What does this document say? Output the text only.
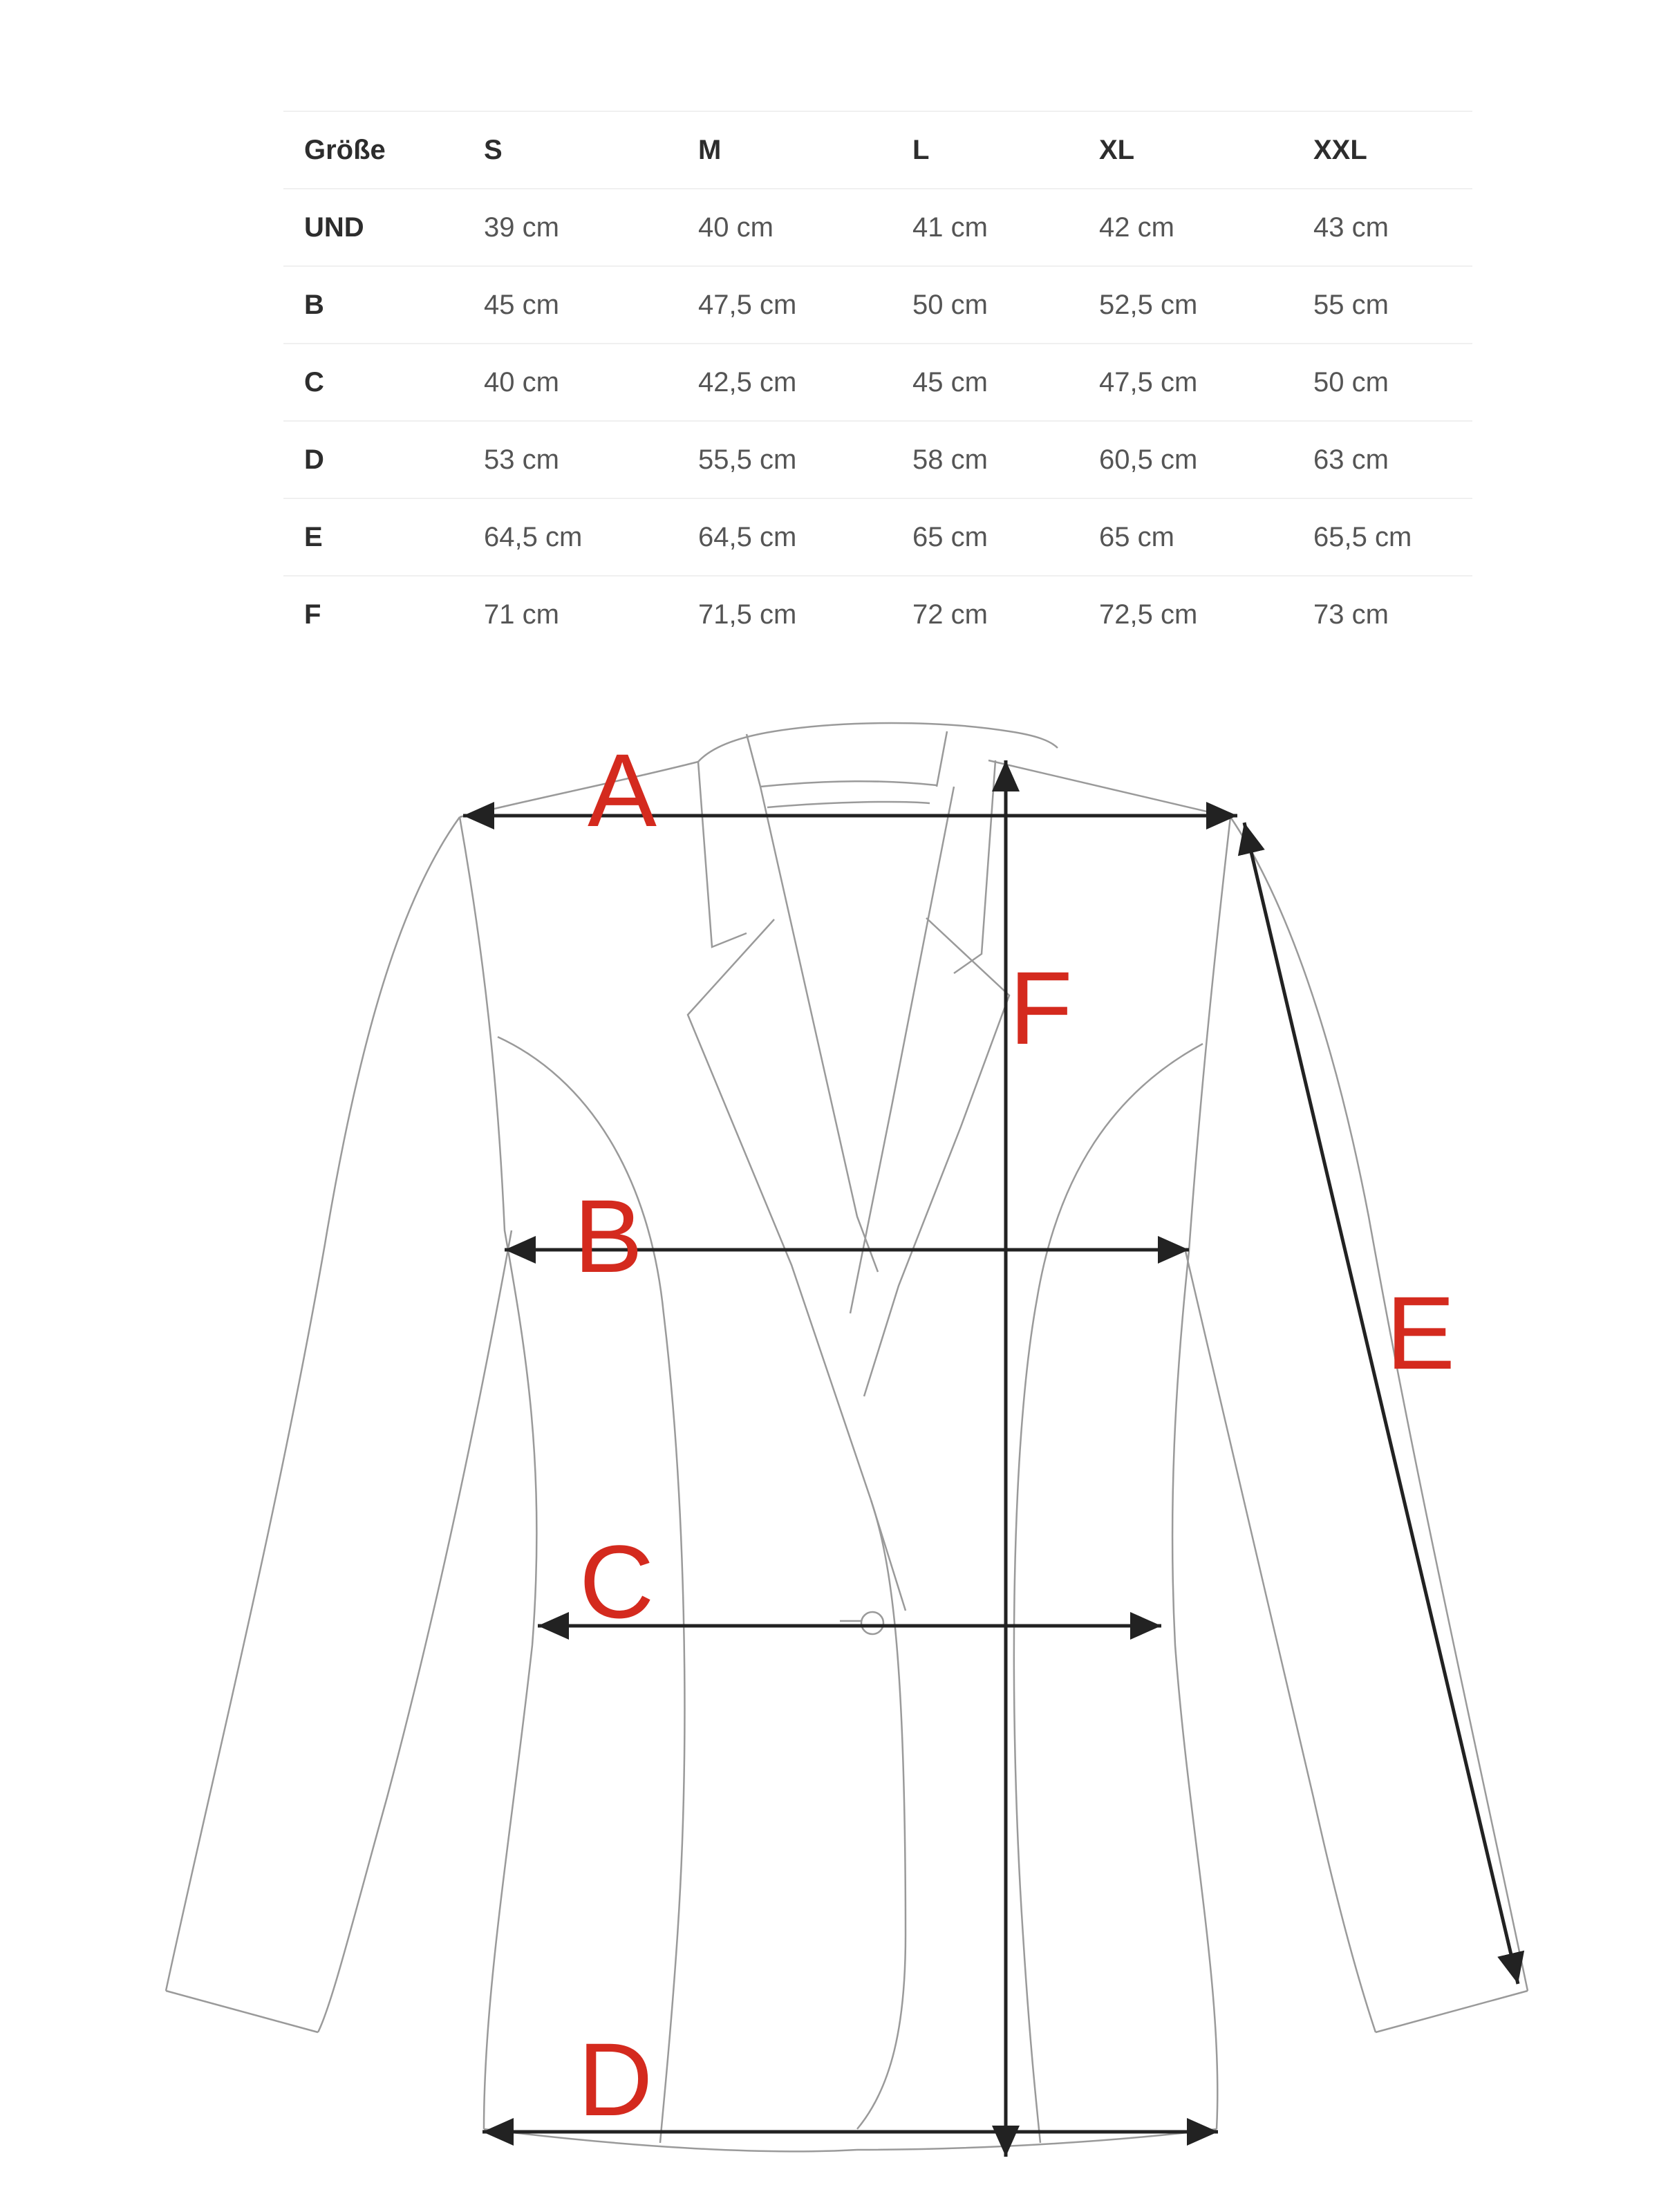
Größe	S	M	L	XL	XXL
UND	39 cm	40 cm	41 cm	42 cm	43 cm
B	45 cm	47,5 cm	50 cm	52,5 cm	55 cm
C	40 cm	42,5 cm	45 cm	47,5 cm	50 cm
D	53 cm	55,5 cm	58 cm	60,5 cm	63 cm
E	64,5 cm	64,5 cm	65 cm	65 cm	65,5 cm
F	71 cm	71,5 cm	72 cm	72,5 cm	73 cm
A
B
C
D
E
F
